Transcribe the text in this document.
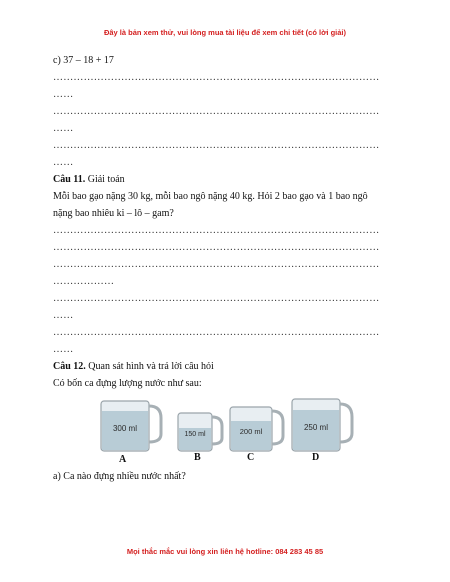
Đây là bản xem thử, vui lòng mua tài liệu để xem chi tiết (có lời giải)
c) 37 – 18 + 17
……………………………………………………………………………………
……
……………………………………………………………………………………
……
……………………………………………………………………………………
……
Câu 11. Giải toán
Mỗi bao gạo nặng 30 kg, mỗi bao ngô nặng 40 kg. Hỏi 2 bao gạo và 1 bao ngô
nặng bao nhiêu ki – lô – gam?
……………………………………………………………………………………
……………………………………………………………………………………
……………………………………………………………………………………
………………
……………………………………………………………………………………
……
……………………………………………………………………………………
……
Câu 12. Quan sát hình và trả lời câu hỏi
Có bốn ca đựng lượng nước như sau:
300 ml
150 ml	200 ml	250 ml
A	B	C	D
a) Ca nào đựng nhiều nước nhất?
Mọi thắc mắc vui lòng xin liên hệ hotline: 084 283 45 85
